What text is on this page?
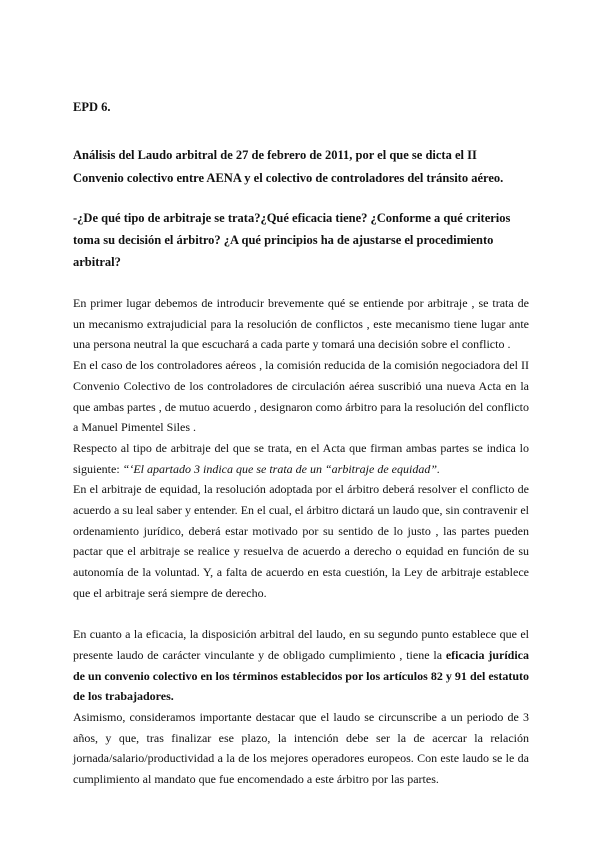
EPD 6.
Análisis del Laudo arbitral de 27 de febrero de 2011, por el que se dicta el II Convenio colectivo entre AENA y el colectivo de controladores del tránsito aéreo.
-¿De qué tipo de arbitraje se trata?¿Qué eficacia tiene? ¿Conforme a qué criterios toma su decisión el árbitro? ¿A qué principios ha de ajustarse el procedimiento arbitral?

En primer lugar debemos de introducir brevemente qué se entiende por arbitraje , se trata de un mecanismo extrajudicial para la resolución de conflictos , este mecanismo tiene lugar ante una persona neutral la que escuchará a cada parte y tomará una decisión sobre el conflicto .

En el caso de los controladores aéreos , la comisión reducida de la comisión negociadora del II Convenio Colectivo de los controladores de circulación aérea suscribió una nueva Acta en la que ambas partes , de mutuo acuerdo , designaron como árbitro para la resolución del conflicto a Manuel Pimentel Siles .

Respecto al tipo de arbitraje del que se trata, en el Acta que firman ambas partes se indica lo siguiente: “‘El apartado 3 indica que se trata de un “arbitraje de equidad”.

En el arbitraje de equidad, la resolución adoptada por el árbitro deberá resolver el conflicto de acuerdo a su leal saber y entender. En el cual, el árbitro dictará un laudo que, sin contravenir el ordenamiento jurídico, deberá estar motivado por su sentido de lo justo , las partes pueden pactar que el arbitraje se realice y resuelva de acuerdo a derecho o equidad en función de su autonomía de la voluntad. Y, a falta de acuerdo en esta cuestión, la Ley de arbitraje establece que el arbitraje será siempre de derecho.

En cuanto a la eficacia, la disposición arbitral del laudo, en su segundo punto establece que el presente laudo de carácter vinculante y de obligado cumplimiento , tiene la eficacia jurídica de un convenio colectivo en los términos establecidos por los artículos 82 y 91 del estatuto de los trabajadores.

Asimismo, consideramos importante destacar que el laudo se circunscribe a un periodo de 3 años, y que, tras finalizar ese plazo, la intención debe ser la de acercar la relación jornada/salario/productividad a la de los mejores operadores europeos. Con este laudo se le da cumplimiento al mandato que fue encomendado a este árbitro por las partes.
